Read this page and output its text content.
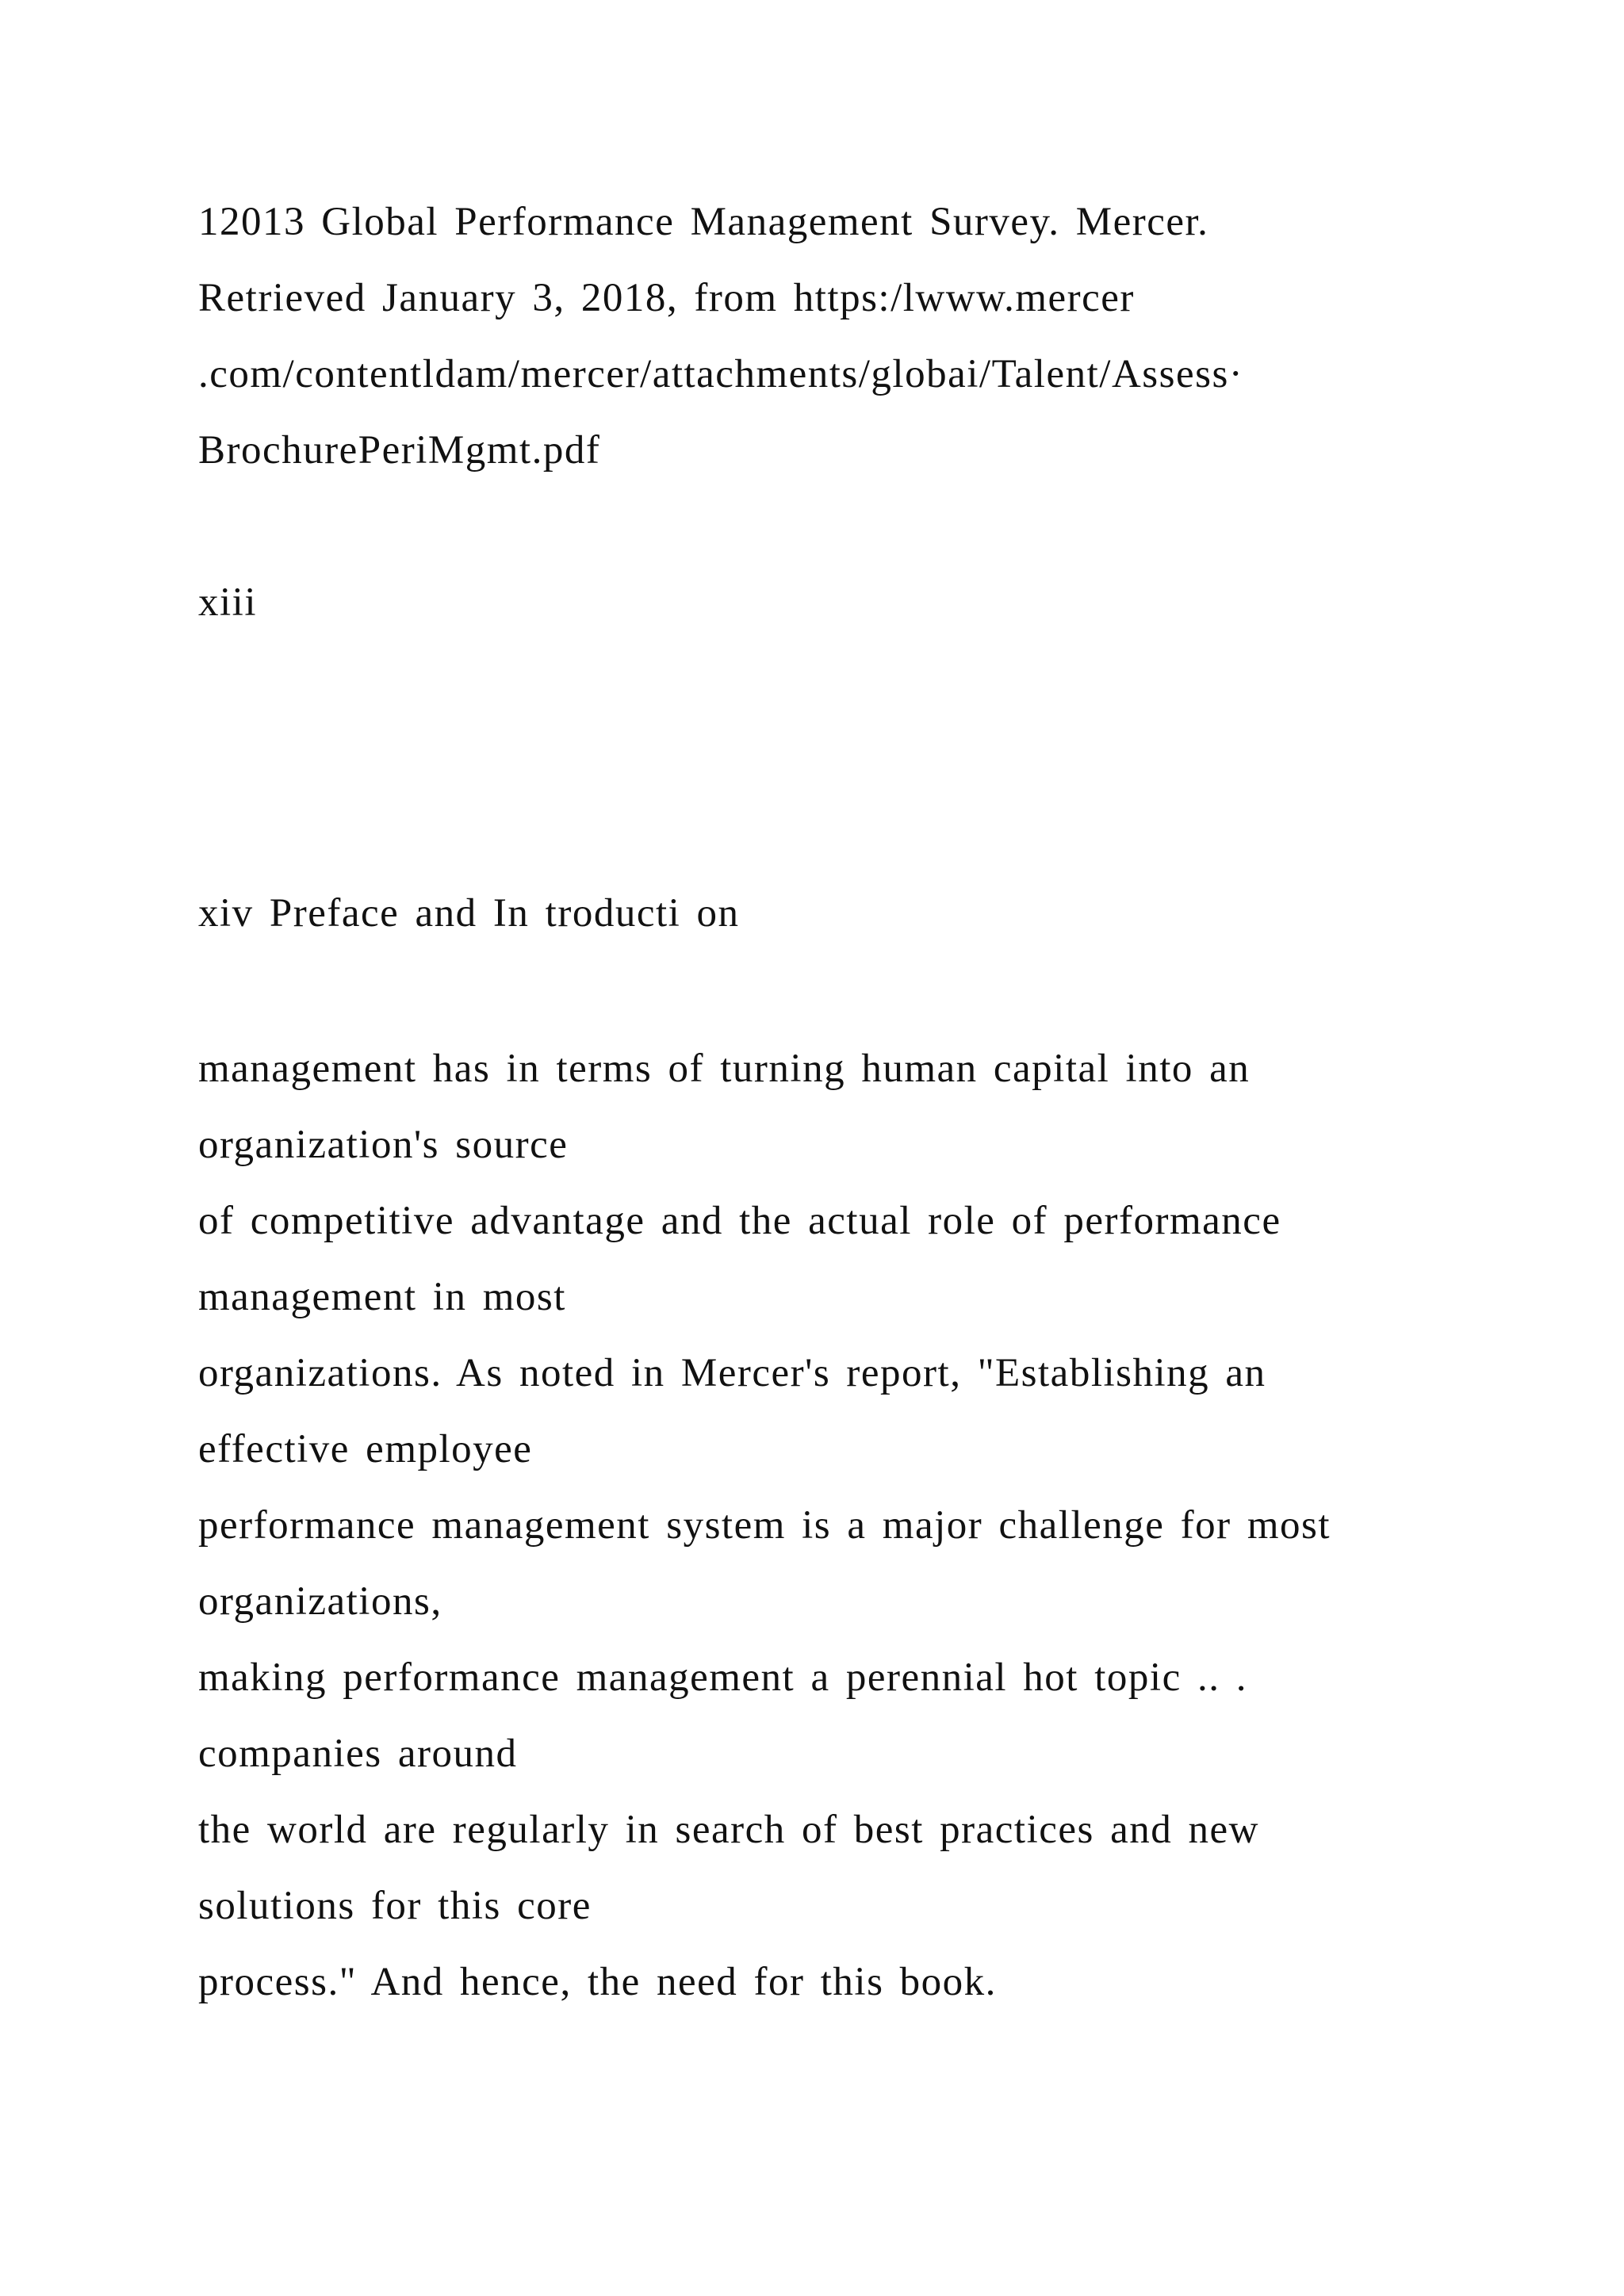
12013 Global Performance Management Survey. Mercer.
Retrieved January 3, 2018, from https:/lwww.mercer
.com/contentldam/mercer/attachments/globai/Talent/Assess·
BrochurePeriMgmt.pdf
xiii
xiv Preface and In troducti on
management has in terms of turning human capital into an
organization's source
of competitive advantage and the actual role of performance
management in most
organizations. As noted in Mercer's report, "Establishing an
effective employee
performance management system is a major challenge for most
organizations,
making performance management a perennial hot topic .. .
companies around
the world are regularly in search of best practices and new
solutions for this core
process." And hence, the need for this book.
